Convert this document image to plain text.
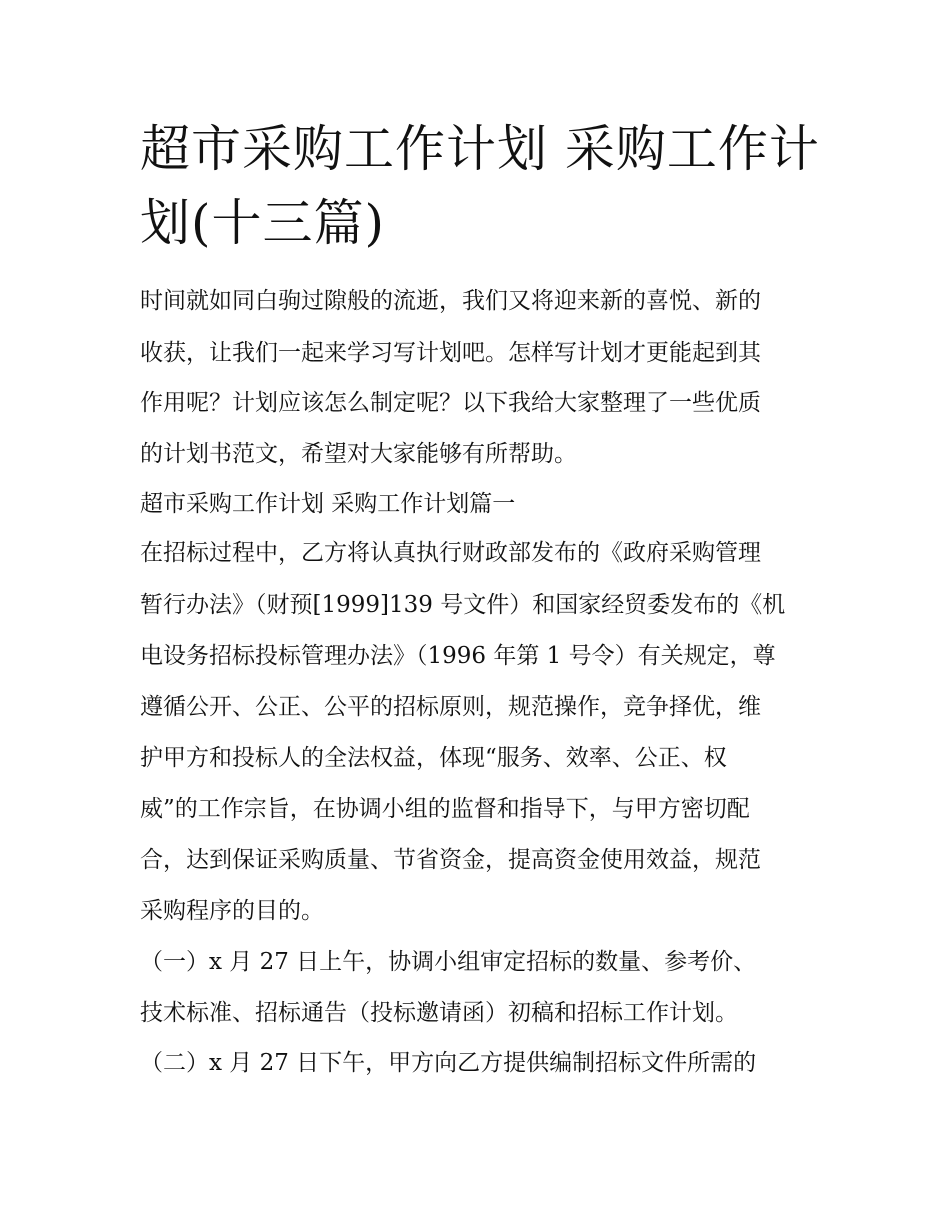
超市采购工作计划 采购工作计划(十三篇)

时间就如同白驹过隙般的流逝，我们又将迎来新的喜悦、新的

收获，让我们一起来学习写计划吧。怎样写计划才更能起到其

作用呢？计划应该怎么制定呢？以下我给大家整理了一些优质

的计划书范文，希望对大家能够有所帮助。

超市采购工作计划 采购工作计划篇一

在招标过程中，乙方将认真执行财政部发布的《政府采购管理

暂行办法》（财预[1999]139 号文件）和国家经贸委发布的《机

电设务招标投标管理办法》（1996 年第 1 号令）有关规定，尊

遵循公开、公正、公平的招标原则，规范操作，竞争择优，维

护甲方和投标人的全法权益，体现“服务、效率、公正、权

威”的工作宗旨，在协调小组的监督和指导下，与甲方密切配

合，达到保证采购质量、节省资金，提高资金使用效益，规范

采购程序的目的。

（一）x 月 27 日上午，协调小组审定招标的数量、参考价、

技术标准、招标通告（投标邀请函）初稿和招标工作计划。

（二）x 月 27 日下午，甲方向乙方提供编制招标文件所需的
